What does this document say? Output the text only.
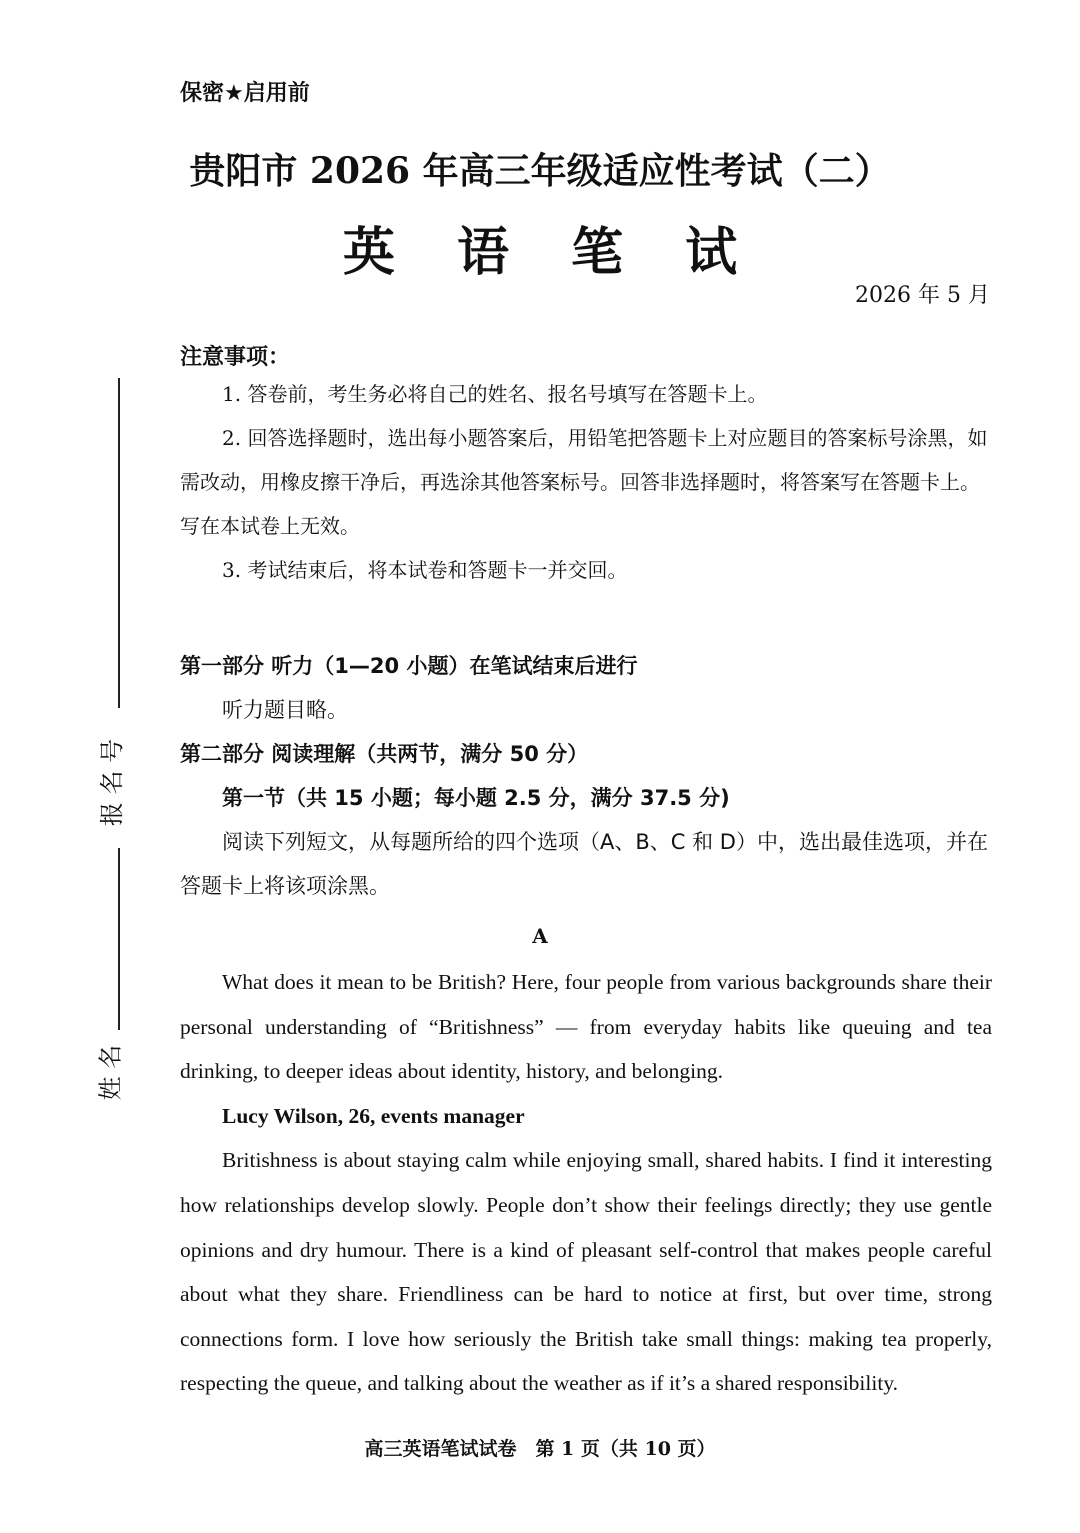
报 名 号
姓 名
保密★启用前
贵阳市 2026 年高三年级适应性考试（二）
英 语 笔 试
2026 年 5 月
注意事项：

1. 答卷前，考生务必将自己的姓名、报名号填写在答题卡上。

2. 回答选择题时，选出每小题答案后，用铅笔把答题卡上对应题目的答案标号涂黑，如需改动，用橡皮擦干净后，再选涂其他答案标号。回答非选择题时，将答案写在答题卡上。写在本试卷上无效。

3. 考试结束后，将本试卷和答题卡一并交回。

第一部分 听力（1—20 小题）在笔试结束后进行

听力题目略。

第二部分 阅读理解（共两节，满分 50 分）

第一节（共 15 小题；每小题 2.5 分，满分 37.5 分)

阅读下列短文，从每题所给的四个选项（A、B、C 和 D）中，选出最佳选项，并在答题卡上将该项涂黑。

A

What does it mean to be British? Here, four people from various backgrounds share their personal understanding of “Britishness” — from everyday habits like queuing and tea drinking, to deeper ideas about identity, history, and belonging.

Lucy Wilson, 26, events manager

Britishness is about staying calm while enjoying small, shared habits. I find it interesting how relationships develop slowly. People don’t show their feelings directly; they use gentle opinions and dry humour. There is a kind of pleasant self-control that makes people careful about what they share. Friendliness can be hard to notice at first, but over time, strong connections form. I love how seriously the British take small things: making tea properly, respecting the queue, and talking about the weather as if it’s a shared responsibility.

高三英语笔试试卷　第 1 页（共 10 页）
